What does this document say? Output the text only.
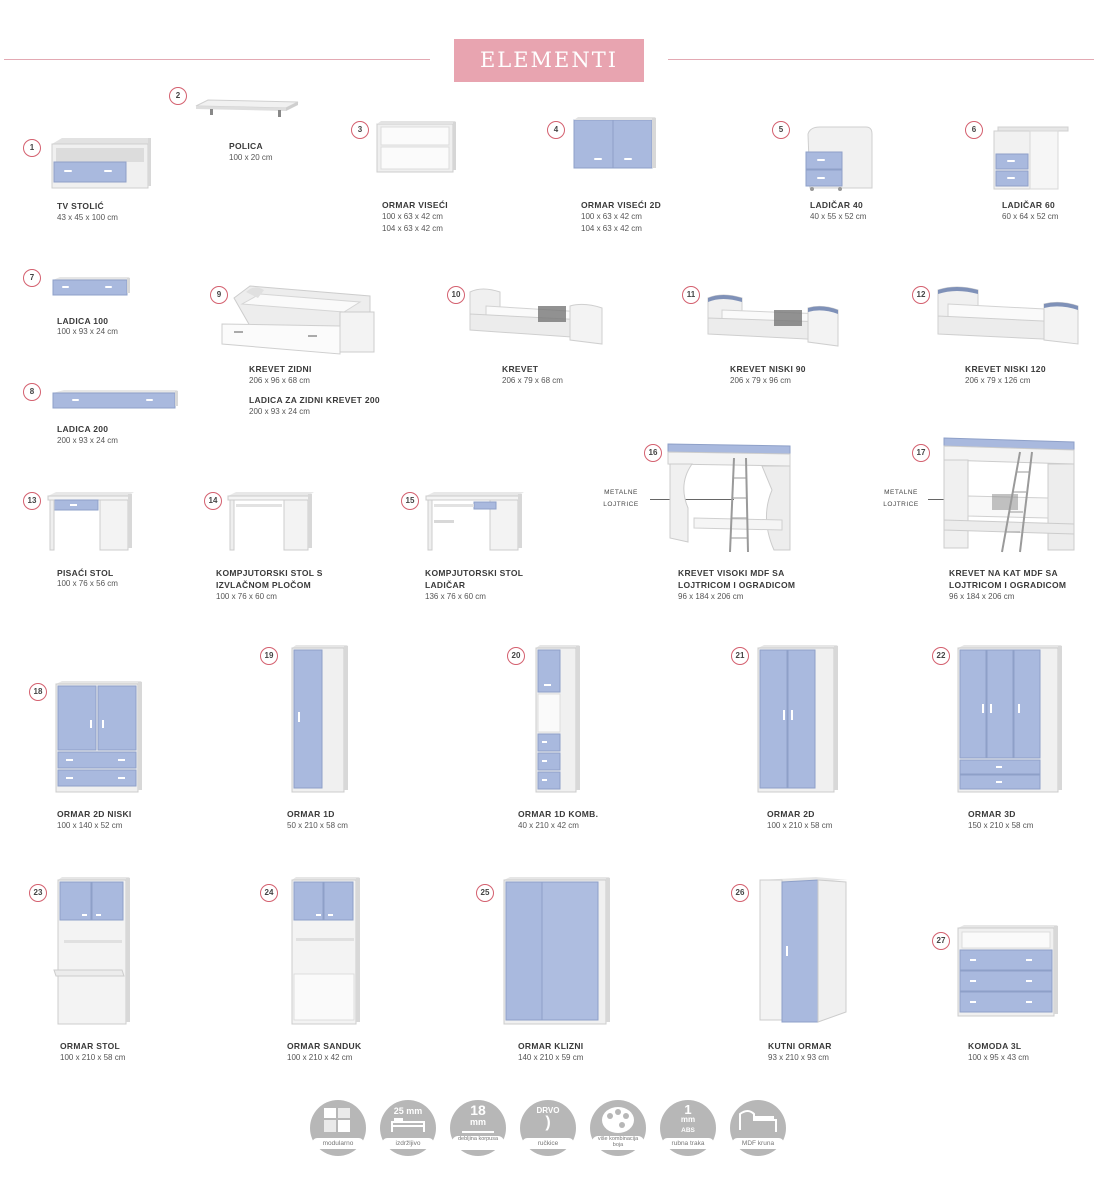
ELEMENTI
1
TV STOLIĆ
43 x 45 x 100 cm
2
POLICA
100 x 20 cm
3
ORMAR VISEĆI
100 x 63 x 42 cm
104 x 63 x 42 cm
4
ORMAR VISEĆI 2D
100 x 63 x 42 cm
104 x 63 x 42 cm
5
LADIČAR 40
40 x 55 x 52 cm
6
LADIČAR 60
60 x 64 x 52 cm
7
LADICA 100
100 x 93 x 24 cm
8
LADICA 200
200 x 93 x 24 cm
9
KREVET ZIDNI
206 x 96 x 68 cm
LADICA ZA ZIDNI KREVET 200
200 x 93 x 24 cm
10
KREVET
206 x 79 x 68 cm
11
KREVET NISKI 90
206 x 79 x 96 cm
12
KREVET NISKI 120
206 x 79 x 126 cm
13
PISAĆI STOL
100 x 76 x 56 cm
14
KOMPJUTORSKI STOL S
IZVLAČNOM PLOČOM
100 x 76 x 60 cm
15
KOMPJUTORSKI STOL
LADIČAR
136 x 76 x 60 cm
16
METALNE
LOJTRICE
KREVET VISOKI MDF SA
LOJTRICOM I OGRADICOM
96 x 184 x 206 cm
17
METALNE
LOJTRICE
KREVET NA KAT MDF SA
LOJTRICOM I OGRADICOM
96 x 184 x 206 cm
18
ORMAR 2D NISKI
100 x 140 x 52 cm
19
ORMAR 1D
50 x 210 x 58 cm
20
ORMAR 1D KOMB.
40 x 210 x 42 cm
21
ORMAR 2D
100 x 210 x 58 cm
22
ORMAR 3D
150 x 210 x 58 cm
23
ORMAR STOL
100 x 210 x 58 cm
24
ORMAR SANDUK
100 x 210 x 42 cm
25
ORMAR KLIZNI
140 x 210 x 59 cm
26
KUTNI ORMAR
93 x 210 x 93 cm
27
KOMODA 3L
100 x 95 x 43 cm
modularno
25 mm
izdržljivo
18
mm
debljina korpusa
DRVO
)
ručkice
više kombinacija boja
1
mm
ABS
rubna traka	MDF kruna
